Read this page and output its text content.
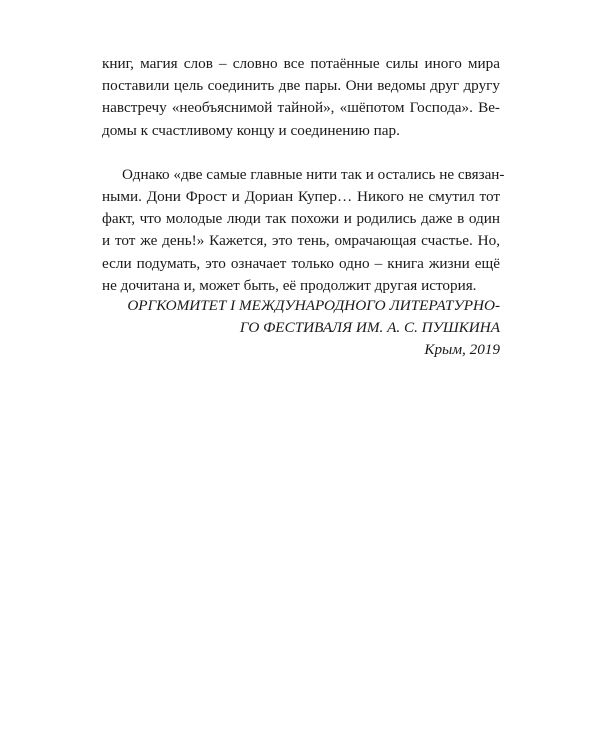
книг, магия слов – словно все потаённые силы иного мира
поставили цель соединить две пары. Они ведомы друг другу
навстречу «необъяснимой тайной», «шёпотом Господа». Ве-
домы к счастливому концу и соединению пар.
Однако «две самые главные нити так и остались не связан-
ными. Дони Фрост и Дориан Купер… Никого не смутил тот
факт, что молодые люди так похожи и родились даже в один
и тот же день!» Кажется, это тень, омрачающая счастье. Но,
если подумать, это означает только одно – книга жизни ещё
не дочитана и, может быть, её продолжит другая история.
ОРГКОМИТЕТ I МЕЖДУНАРОДНОГО ЛИТЕРАТУРНО-
ГО ФЕСТИВАЛЯ ИМ. А. С. ПУШКИНА
Крым, 2019
